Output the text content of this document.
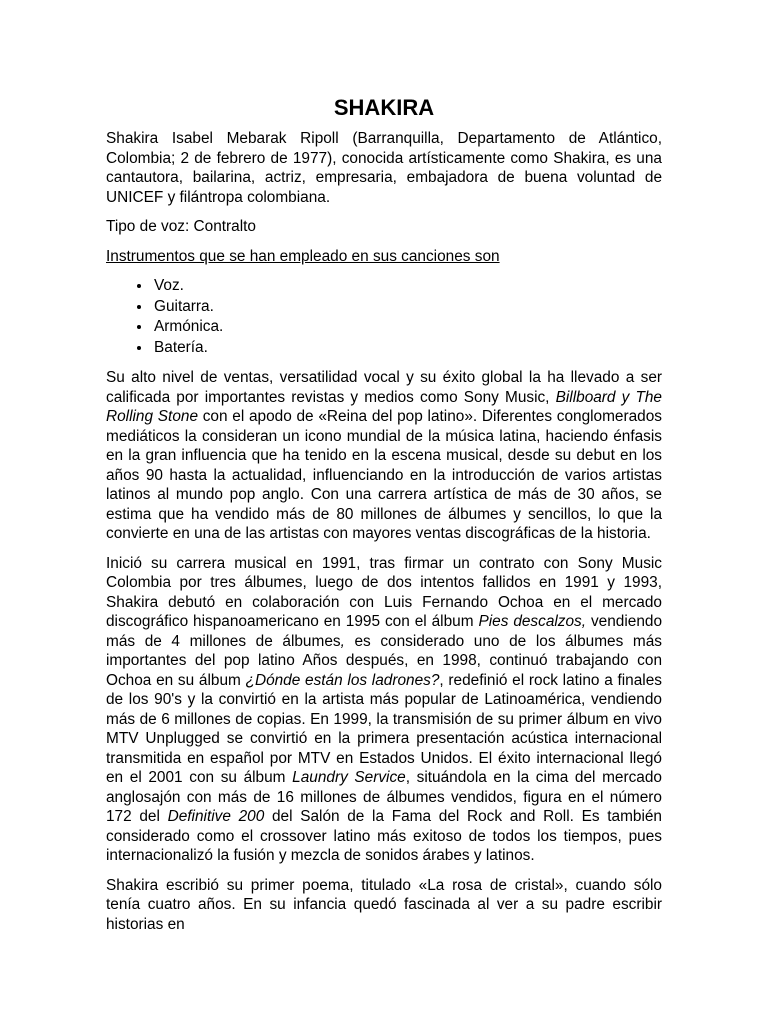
SHAKIRA

Shakira Isabel Mebarak Ripoll (Barranquilla, Departamento de Atlántico, Colombia; 2 de febrero de 1977), conocida artísticamente como Shakira, es una cantautora, bailarina, actriz, empresaria, embajadora de buena voluntad de UNICEF y filántropa colombiana.

Tipo de voz: Contralto

Instrumentos que se han empleado en sus canciones son

• Voz.
• Guitarra.
• Armónica.
• Batería.

Su alto nivel de ventas, versatilidad vocal y su éxito global la ha llevado a ser calificada por importantes revistas y medios como Sony Music, Billboard y The Rolling Stone con el apodo de «Reina del pop latino». Diferentes conglomerados mediáticos la consideran un icono mundial de la música latina, haciendo énfasis en la gran influencia que ha tenido en la escena musical, desde su debut en los años 90 hasta la actualidad, influenciando en la introducción de varios artistas latinos al mundo pop anglo. Con una carrera artística de más de 30 años, se estima que ha vendido más de 80 millones de álbumes y sencillos, lo que la convierte en una de las artistas con mayores ventas discográficas de la historia.

Inició su carrera musical en 1991, tras firmar un contrato con Sony Music Colombia por tres álbumes, luego de dos intentos fallidos en 1991 y 1993, Shakira debutó en colaboración con Luis Fernando Ochoa en el mercado discográfico hispanoamericano en 1995 con el álbum Pies descalzos, vendiendo más de 4 millones de álbumes, es considerado uno de los álbumes más importantes del pop latino Años después, en 1998, continuó trabajando con Ochoa en su álbum ¿Dónde están los ladrones?, redefinió el rock latino a finales de los 90's y la convirtió en la artista más popular de Latinoamérica, vendiendo más de 6 millones de copias. En 1999, la transmisión de su primer álbum en vivo MTV Unplugged se convirtió en la primera presentación acústica internacional transmitida en español por MTV en Estados Unidos. El éxito internacional llegó en el 2001 con su álbum Laundry Service, situándola en la cima del mercado anglosajón con más de 16 millones de álbumes vendidos, figura en el número 172 del Definitive 200 del Salón de la Fama del Rock and Roll. Es también considerado como el crossover latino más exitoso de todos los tiempos, pues internacionalizó la fusión y mezcla de sonidos árabes y latinos.

Shakira escribió su primer poema, titulado «La rosa de cristal», cuando sólo tenía cuatro años. En su infancia quedó fascinada al ver a su padre escribir historias en
